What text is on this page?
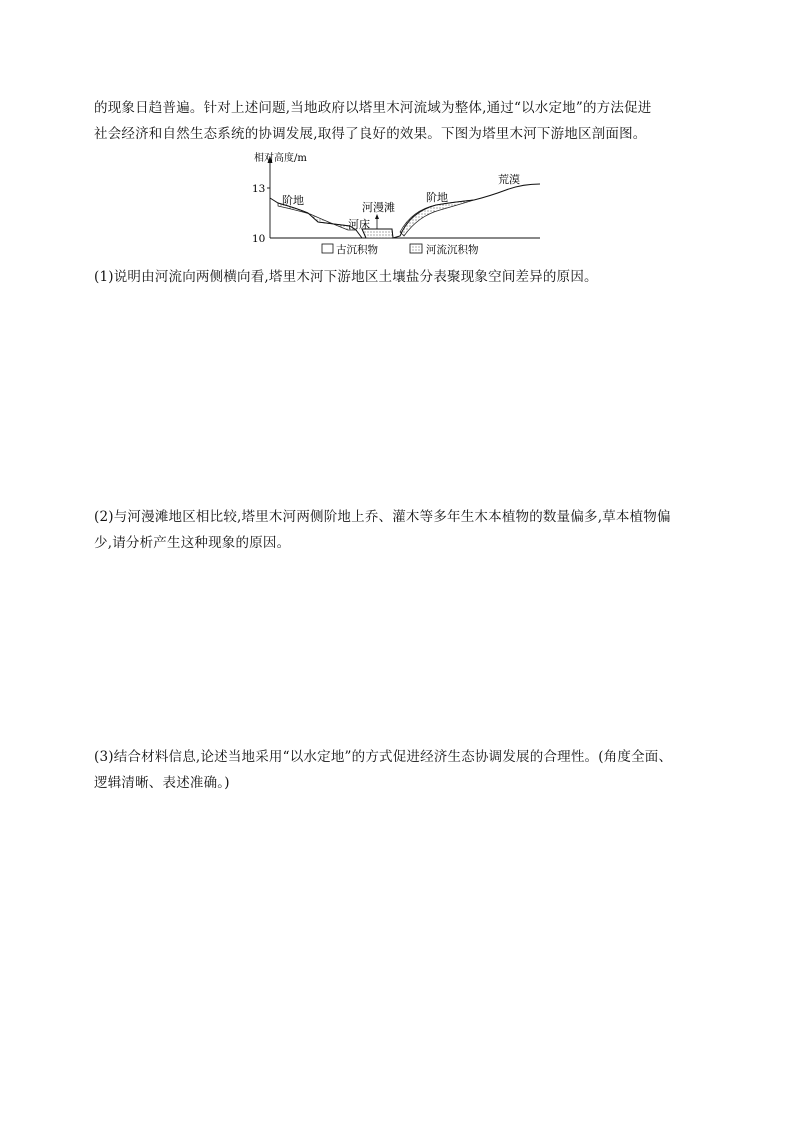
的现象日趋普遍。针对上述问题,当地政府以塔里木河流域为整体,通过“以水定地”的方法促进
社会经济和自然生态系统的协调发展,取得了良好的效果。下图为塔里木河下游地区剖面图。
相对高度/m
13
10
阶地
河漫滩
河床
阶地
荒漠
古沉积物	河流沉积物
(1)说明由河流向两侧横向看,塔里木河下游地区土壤盐分表聚现象空间差异的原因。
(2)与河漫滩地区相比较,塔里木河两侧阶地上乔、灌木等多年生木本植物的数量偏多,草本植物偏
少,请分析产生这种现象的原因。
(3)结合材料信息,论述当地采用“以水定地”的方式促进经济生态协调发展的合理性。(角度全面、
逻辑清晰、表述准确。)
